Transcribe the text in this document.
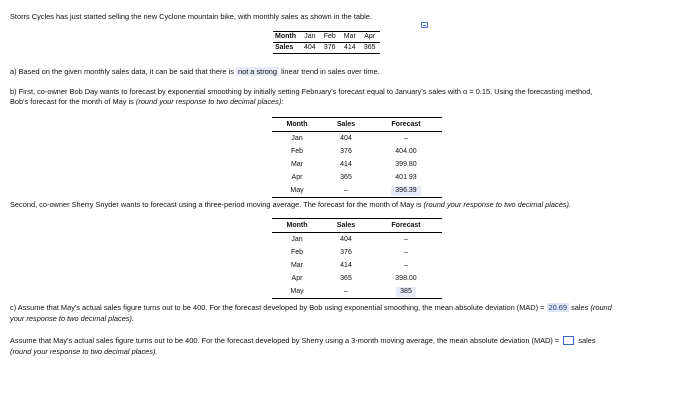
Storrs Cycles has just started selling the new Cyclone mountain bike, with monthly sales as shown in the table.
Month	Jan	Feb	Mar	Apr
Sales	404	376	414	365
a) Based on the given monthly sales data, it can be said that there is not a strong linear trend in sales over time.
b) First, co-owner Bob Day wants to forecast by exponential smoothing by initially setting February's forecast equal to January's sales with α = 0.15. Using the forecasting method,
Bob's forecast for the month of May is (round your response to two decimal places):
Month	Sales	Forecast
Jan	404	–
Feb	376	404.00
Mar	414	399.80
Apr	365	401.93
May	–	396.39
Second, co-owner Sherry Snyder wants to forecast using a three-period moving average. The forecast for the month of May is (round your response to two decimal places).
Month	Sales	Forecast
Jan	404	–
Feb	376	–
Mar	414	–
Apr	365	398.00
May	–	385
c) Assume that May's actual sales figure turns out to be 400. For the forecast developed by Bob using exponential smoothing, the mean absolute deviation (MAD) = 20.69 sales (round
your response to two decimal places).
Assume that May's actual sales figure turns out to be 400. For the forecast developed by Sherry using a 3-month moving average, the mean absolute deviation (MAD) =	sales
(round your response to two decimal places).
